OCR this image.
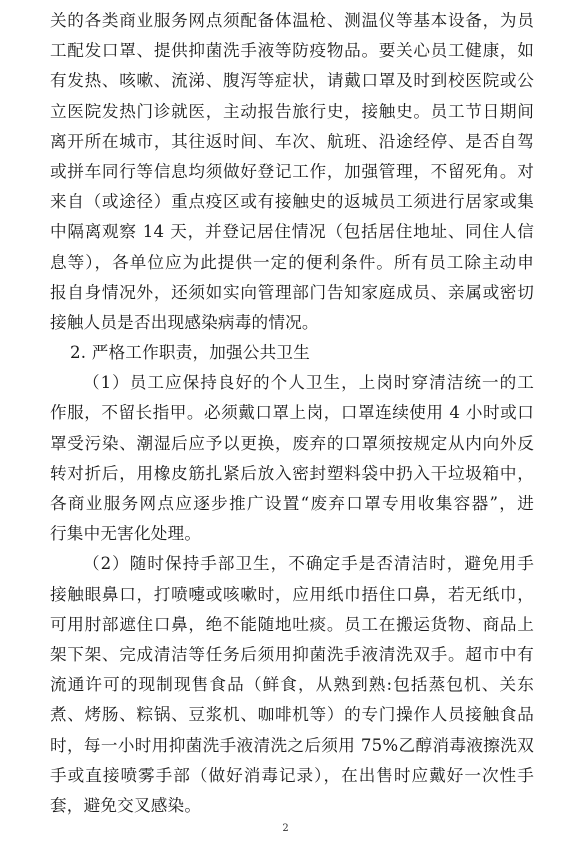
关的各类商业服务网点须配备体温枪、测温仪等基本设备，为员
工配发口罩、提供抑菌洗手液等防疫物品。要关心员工健康，如
有发热、咳嗽、流涕、腹泻等症状，请戴口罩及时到校医院或公
立医院发热门诊就医，主动报告旅行史，接触史。员工节日期间
离开所在城市，其往返时间、车次、航班、沿途经停、是否自驾
或拼车同行等信息均须做好登记工作，加强管理，不留死角。对
来自（或途径）重点疫区或有接触史的返城员工须进行居家或集
中隔离观察 14 天，并登记居住情况（包括居住地址、同住人信
息等），各单位应为此提供一定的便利条件。所有员工除主动申
报自身情况外，还须如实向管理部门告知家庭成员、亲属或密切
接触人员是否出现感染病毒的情况。
2. 严格工作职责，加强公共卫生
（1）员工应保持良好的个人卫生，上岗时穿清洁统一的工
作服，不留长指甲。必须戴口罩上岗，口罩连续使用 4 小时或口
罩受污染、潮湿后应予以更换，废弃的口罩须按规定从内向外反
转对折后，用橡皮筋扎紧后放入密封塑料袋中扔入干垃圾箱中，
各商业服务网点应逐步推广设置“废弃口罩专用收集容器”，进
行集中无害化处理。
（2）随时保持手部卫生，不确定手是否清洁时，避免用手
接触眼鼻口，打喷嚏或咳嗽时，应用纸巾捂住口鼻，若无纸巾，
可用肘部遮住口鼻，绝不能随地吐痰。员工在搬运货物、商品上
架下架、完成清洁等任务后须用抑菌洗手液清洗双手。超市中有
流通许可的现制现售食品（鲜食，从熟到熟:包括蒸包机、关东
煮、烤肠、粽锅、豆浆机、咖啡机等）的专门操作人员接触食品
时，每一小时用抑菌洗手液清洗之后须用 75%乙醇消毒液擦洗双
手或直接喷雾手部（做好消毒记录），在出售时应戴好一次性手
套，避免交叉感染。
2
